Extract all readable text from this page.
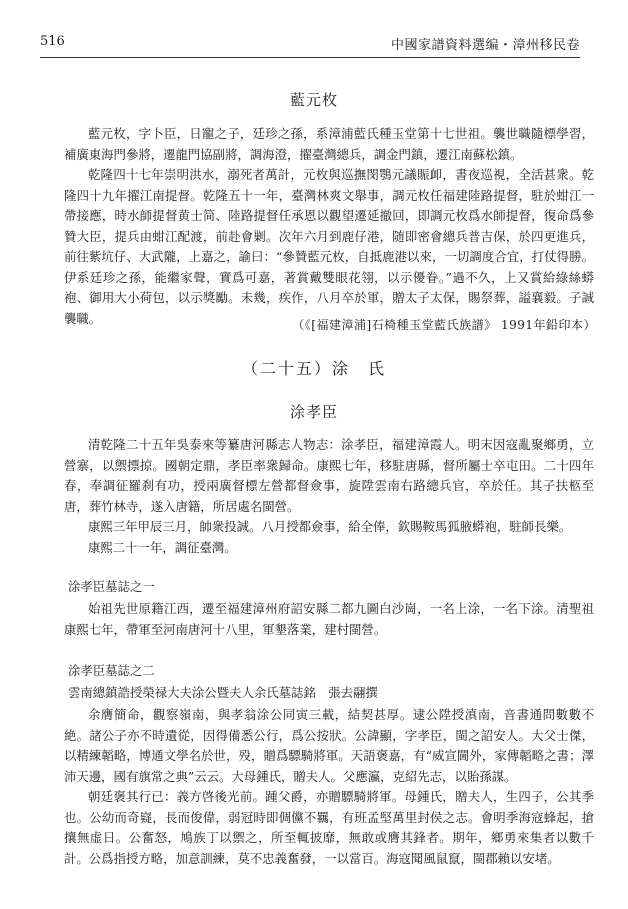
516	中國家譜資料選编・漳州移民卷
藍元枚

藍元枚，字卜臣，日寵之子，廷珍之孫，系漳浦藍氏種玉堂第十七世祖。襲世職隨標學習，補廣東海門參將，遷龍門協副將，調海澄，擢臺灣總兵，調金門鎮，遷江南蘇松鎮。

乾隆四十七年崇明洪水，溺死者萬計，元枚與巡撫閔鶚元議賑卹，書夜巡視，全活甚衆。乾隆四十九年擢江南提督。乾隆五十一年，臺灣林爽文舉事，調元枚任福建陸路提督，駐於蚶江一帶接應，時水師提督黄士简、陸路提督任承恩以觀望遷延撤回，即調元枚爲水師提督，復命爲參贊大臣，提兵由蚶江配渡，前赴會剿。次年六月到鹿仔港，随即密會總兵普吉保，於四更進兵，前往紫坑仔、大武隴，上嘉之，諭曰：“參贊藍元枚，自抵鹿港以來，一切調度合宜，打仗得勝。伊系廷珍之孫，能繼家聲，實爲可嘉，著賞戴雙眼花翎，以示優眷。”過不久，上又賞給綠絲蟒袍、御用大小荷包，以示獎勵。未幾，疾作，八月卒於軍，贈太子太保，賜祭葬，謚襄毅。子誠襲職。	（《[福建漳浦]石椅種玉堂藍氏族譜》 1991年鉛印本）
（二十五）涂　氏
涂孝臣

清乾隆二十五年吳泰來等纂唐河縣志人物志：涂孝臣，福建漳霞人。明末因寇亂聚鄉勇，立營寨，以禦摽掠。國朝定鼎，孝臣率衆歸命。康熙七年，移駐唐縣，督所屬士卒屯田。二十四年春，奉調征羅刹有功，授兩廣督標左營都督僉事，旋陞雲南右路總兵官，卒於任。其子扶柩至唐，葬竹林寺，遂入唐籍，所居處名閩營。

康熙三年甲辰三月，帥衆投誠。八月授都僉事，給全俸，欽賜鞍馬狐腋蟒袍，駐師長樂。

康熙二十一年，調征臺灣。

涂孝臣墓誌之一

始祖先世原籍江西，遷至福建漳州府詔安縣二都九圖白沙崗，一名上涂，一名下涂。清聖祖康熙七年，帶軍至河南唐河十八里，軍墾落業，建村閩營。

涂孝臣墓誌之二
雲南總鎮誥授榮禄大夫涂公暨夫人余氏墓誌銘　張去翮撰

余膺簡命，觀察嶺南，與孝翁涂公同寅三載，結契甚厚。逮公陞授滇南，音書通問數數不絶。諸公子亦不時遺從，因得備悉公行，爲公按狀。公諱顯，字孝臣，閩之詔安人。大父士傑，以精練韜略，博通文學名於世，殁，贈爲驃騎將軍。天語褒嘉，有“威宣閫外，家傳韜略之書；澤沛天邊，國有旗常之典”云云。大母鍾氏，贈夫人。父應瀛，克紹先志，以貽孫謀。

朝廷褒其行已：義方啓後光前。踵父爵，亦贈驃騎將軍。母鍾氏，贈夫人，生四子，公其季也。公幼而奇嶷，長而俊偉，弱冠時即倜儻不羈，有班孟堅萬里封侯之志。會明季海寇蜂起，搶攘無虚日。公奮怒，鳩族丁以禦之，所至輒披靡，無敢或膺其鋒者。期年，鄉勇來集者以數千計。公爲指授方略，加意訓練，莫不忠義奮發，一以當百。海寇聞風鼠竄，閩郡賴以安堵。
